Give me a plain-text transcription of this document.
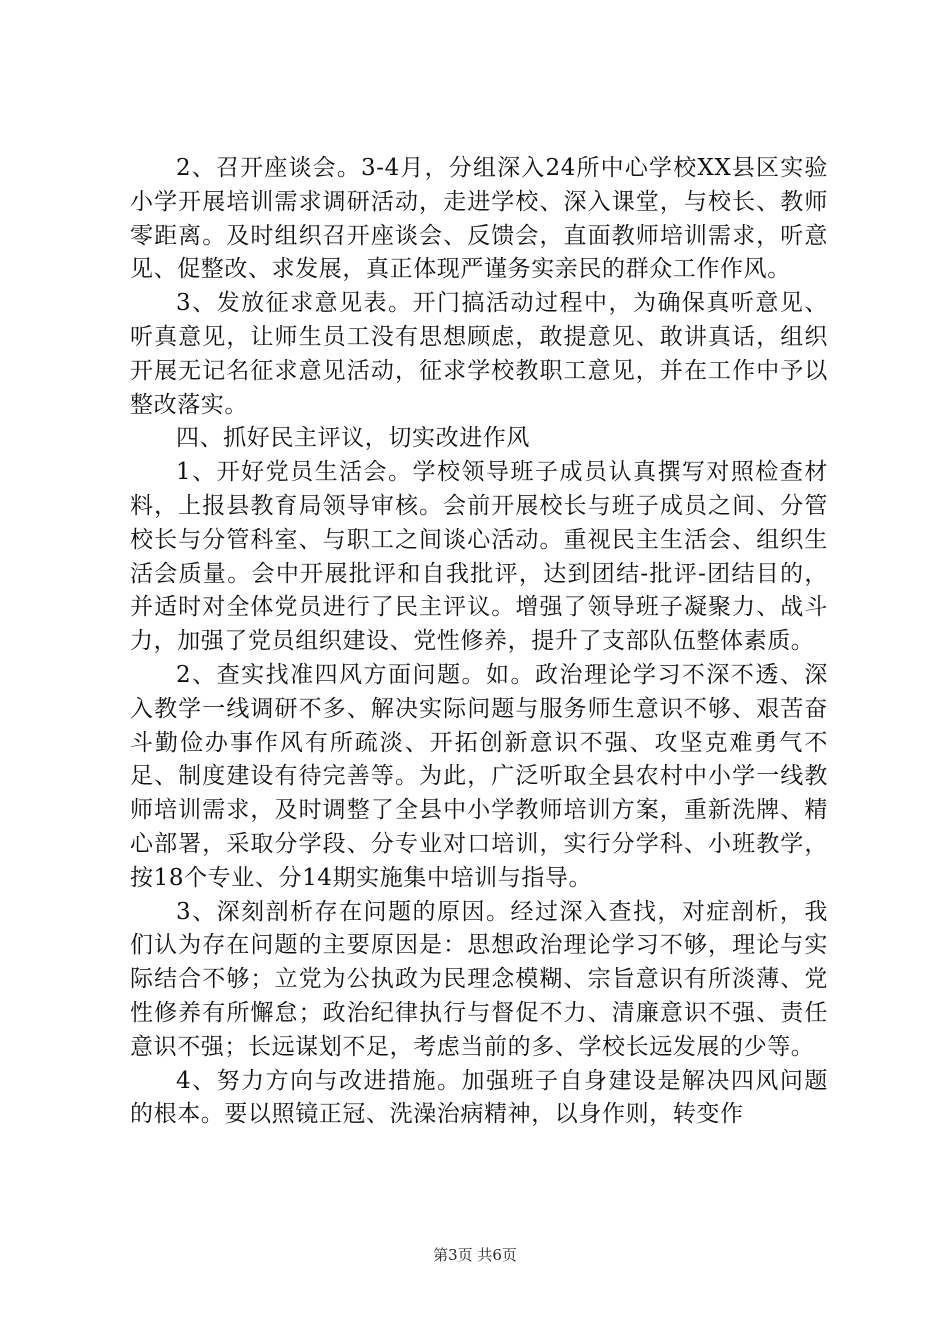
2、召开座谈会。3-4月，分组深入24所中心学校XX县区实验小学开展培训需求调研活动，走进学校、深入课堂，与校长、教师零距离。及时组织召开座谈会、反馈会，直面教师培训需求，听意见、促整改、求发展，真正体现严谨务实亲民的群众工作作风。

3、发放征求意见表。开门搞活动过程中，为确保真听意见、听真意见，让师生员工没有思想顾虑，敢提意见、敢讲真话，组织开展无记名征求意见活动，征求学校教职工意见，并在工作中予以整改落实。

四、抓好民主评议，切实改进作风

1、开好党员生活会。学校领导班子成员认真撰写对照检查材料，上报县教育局领导审核。会前开展校长与班子成员之间、分管校长与分管科室、与职工之间谈心活动。重视民主生活会、组织生活会质量。会中开展批评和自我批评，达到团结-批评-团结目的，并适时对全体党员进行了民主评议。增强了领导班子凝聚力、战斗力，加强了党员组织建设、党性修养，提升了支部队伍整体素质。

2、查实找准四风方面问题。如。政治理论学习不深不透、深入教学一线调研不多、解决实际问题与服务师生意识不够、艰苦奋斗勤俭办事作风有所疏淡、开拓创新意识不强、攻坚克难勇气不足、制度建设有待完善等。为此，广泛听取全县农村中小学一线教师培训需求，及时调整了全县中小学教师培训方案，重新洗牌、精心部署，采取分学段、分专业对口培训，实行分学科、小班教学，按18个专业、分14期实施集中培训与指导。

3、深刻剖析存在问题的原因。经过深入查找，对症剖析，我们认为存在问题的主要原因是：思想政治理论学习不够，理论与实际结合不够；立党为公执政为民理念模糊、宗旨意识有所淡薄、党性修养有所懈怠；政治纪律执行与督促不力、清廉意识不强、责任意识不强；长远谋划不足，考虑当前的多、学校长远发展的少等。

4、努力方向与改进措施。加强班子自身建设是解决四风问题的根本。要以照镜正冠、洗澡治病精神，以身作则，转变作

第3页 共6页
